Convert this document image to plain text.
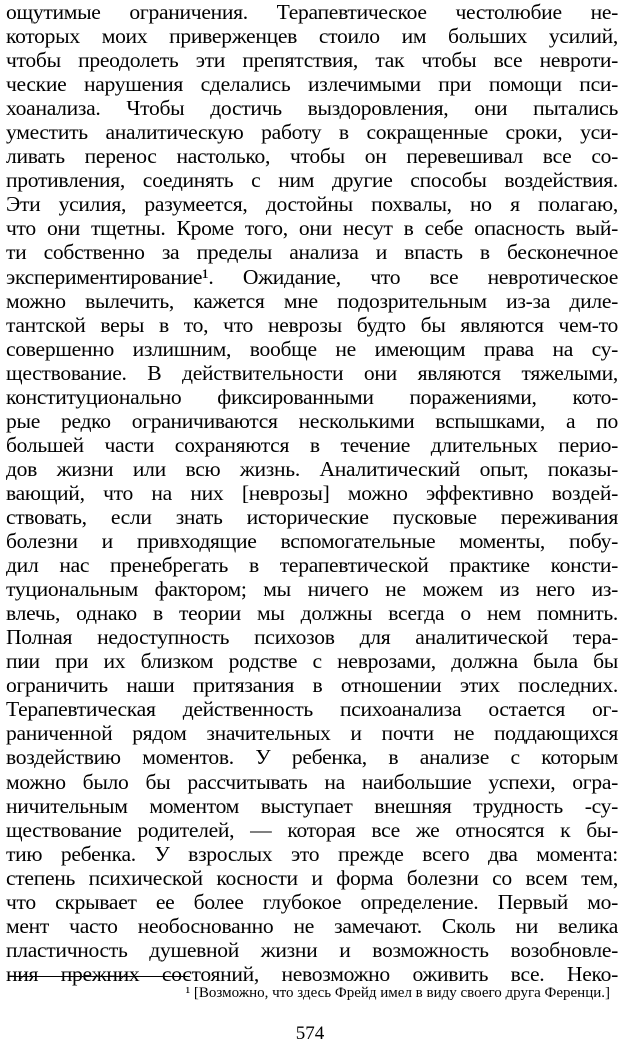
ощутимые ограничения. Терапевтическое честолюбие не-
которых моих приверженцев стоило им больших усилий,
чтобы преодолеть эти препятствия, так чтобы все невроти-
ческие нарушения сделались излечимыми при помощи пси-
хоанализа. Чтобы достичь выздоровления, они пытались
уместить аналитическую работу в сокращенные сроки, уси-
ливать перенос настолько, чтобы он перевешивал все со-
противления, соединять с ним другие способы воздействия.
Эти усилия, разумеется, достойны похвалы, но я полагаю,
что они тщетны. Кроме того, они несут в себе опасность вый-
ти собственно за пределы анализа и впасть в бесконечное
экспериментирование¹. Ожидание, что все невротическое
можно вылечить, кажется мне подозрительным из-за диле-
тантской веры в то, что неврозы будто бы являются чем-то
совершенно излишним, вообще не имеющим права на су-
ществование. В действительности они являются тяжелыми,
конституционально фиксированными поражениями, кото-
рые редко ограничиваются несколькими вспышками, а по
большей части сохраняются в течение длительных перио-
дов жизни или всю жизнь. Аналитический опыт, показы-
вающий, что на них [неврозы] можно эффективно воздей-
ствовать, если знать исторические пусковые переживания
болезни и привходящие вспомогательные моменты, побу-
дил нас пренебрегать в терапевтической практике консти-
туциональным фактором; мы ничего не можем из него из-
влечь, однако в теории мы должны всегда о нем помнить.
Полная недоступность психозов для аналитической тера-
пии при их близком родстве с неврозами, должна была бы
ограничить наши притязания в отношении этих последних.
Терапевтическая действенность психоанализа остается ог-
раниченной рядом значительных и почти не поддающихся
воздействию моментов. У ребенка, в анализе с которым
можно было бы рассчитывать на наибольшие успехи, огра-
ничительным моментом выступает внешняя трудность -су-
ществование родителей, — которая все же относятся к бы-
тию ребенка. У взрослых это прежде всего два момента:
степень психической косности и форма болезни со всем тем,
что скрывает ее более глубокое определение. Первый мо-
мент часто необоснованно не замечают. Сколь ни велика
пластичность душевной жизни и возможность возобновле-
ния прежних состояний, невозможно оживить все. Неко-
¹ [Возможно, что здесь Фрейд имел в виду своего друга Ференци.]
574
